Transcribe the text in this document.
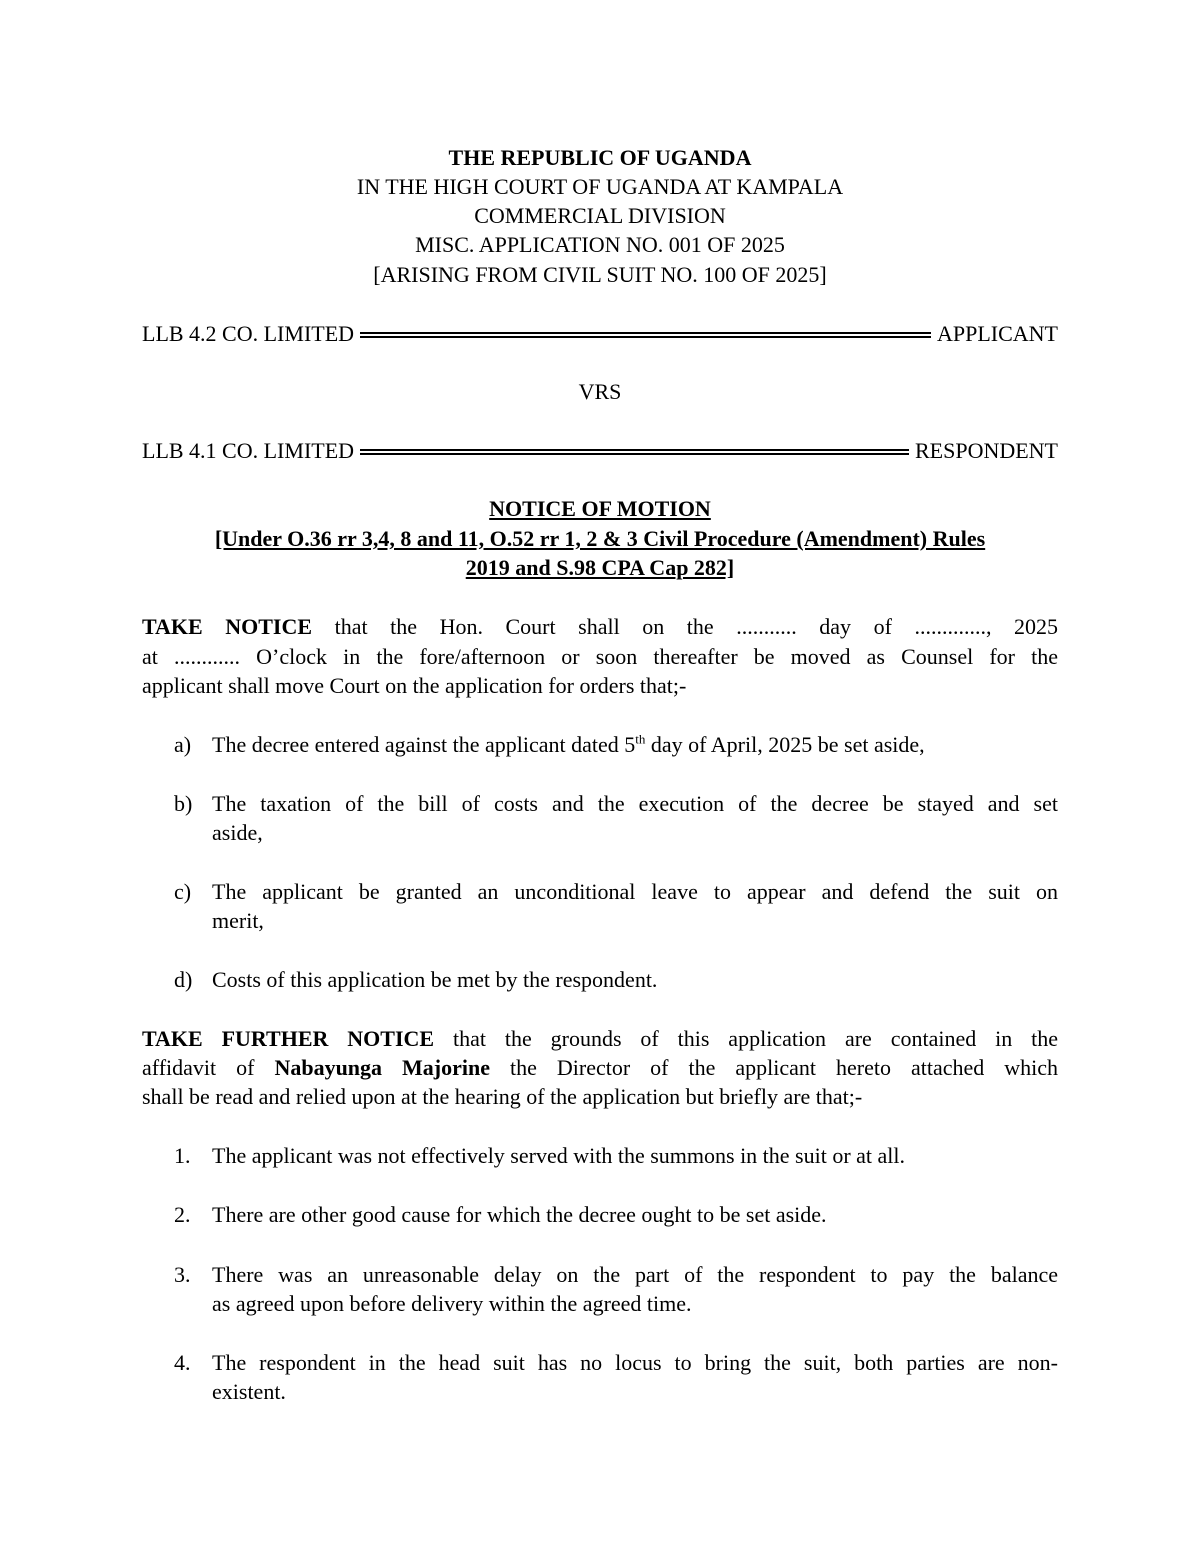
THE REPUBLIC OF UGANDA
IN THE HIGH COURT OF UGANDA AT KAMPALA
COMMERCIAL DIVISION
MISC. APPLICATION NO. 001 OF 2025
[ARISING FROM CIVIL SUIT NO. 100 OF 2025]
LLB 4.2 CO. LIMITED	APPLICANT
VRS
LLB 4.1 CO. LIMITED	RESPONDENT
NOTICE OF MOTION
[Under O.36 rr 3,4, 8 and 11, O.52 rr 1, 2 & 3 Civil Procedure (Amendment) Rules
2019 and S.98 CPA Cap 282]
TAKE NOTICE that the Hon. Court shall on the ........... day of ............., 2025
at ............ O’clock in the fore/afternoon or soon thereafter be moved as Counsel for the
applicant shall move Court on the application for orders that;-
a) The decree entered against the applicant dated 5th day of April, 2025 be set aside,
b) The taxation of the bill of costs and the execution of the decree be stayed and set
aside,
c) The applicant be granted an unconditional leave to appear and defend the suit on
merit,
d) Costs of this application be met by the respondent.
TAKE FURTHER NOTICE that the grounds of this application are contained in the
affidavit of Nabayunga Majorine the Director of the applicant hereto attached which
shall be read and relied upon at the hearing of the application but briefly are that;-
1. The applicant was not effectively served with the summons in the suit or at all.
2. There are other good cause for which the decree ought to be set aside.
3. There was an unreasonable delay on the part of the respondent to pay the balance
as agreed upon before delivery within the agreed time.
4. The respondent in the head suit has no locus to bring the suit, both parties are non-
existent.
